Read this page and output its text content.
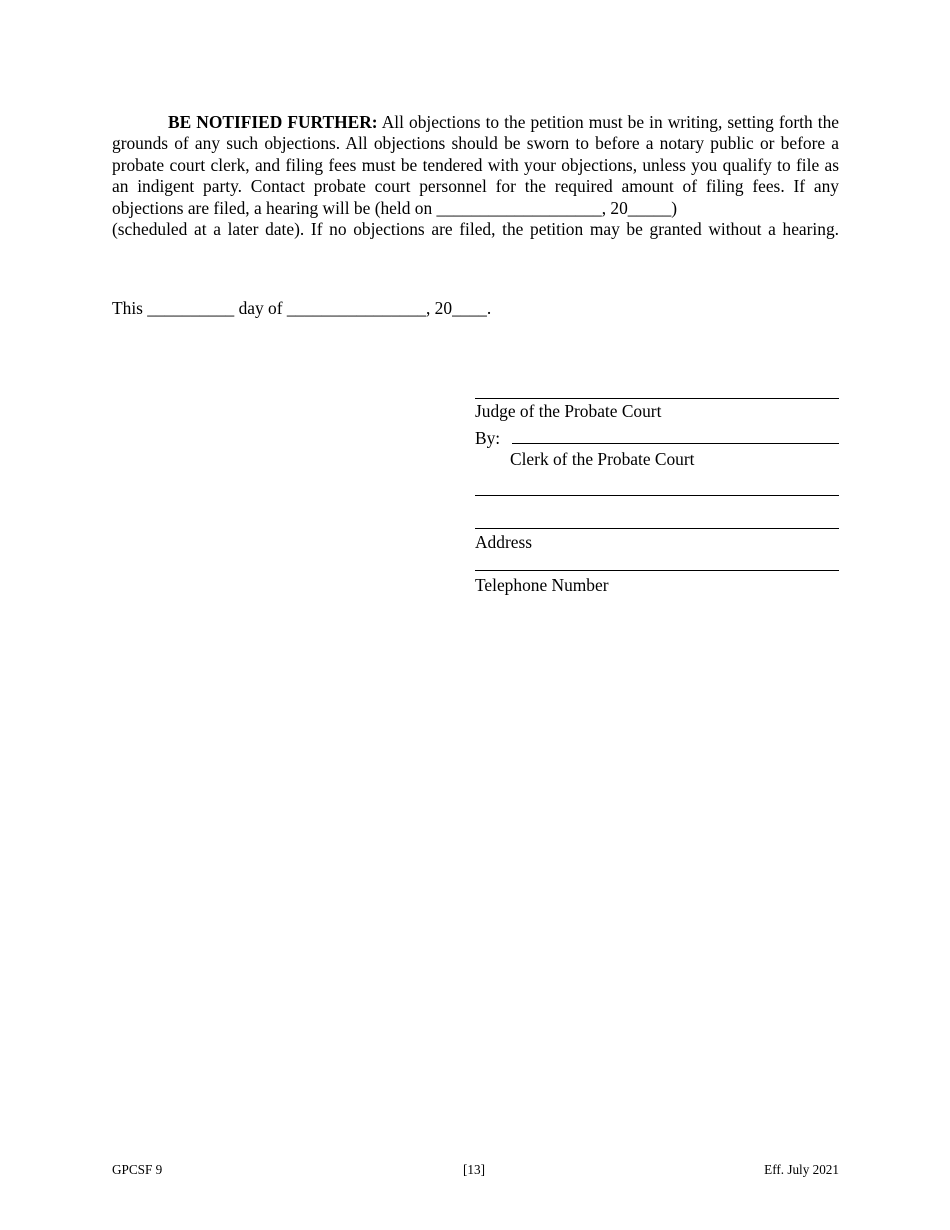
BE NOTIFIED FURTHER: All objections to the petition must be in writing, setting forth the grounds of any such objections. All objections should be sworn to before a notary public or before a probate court clerk, and filing fees must be tendered with your objections, unless you qualify to file as an indigent party. Contact probate court personnel for the required amount of filing fees. If any objections are filed, a hearing will be (held on ___________________, 20_____)
(scheduled at a later date). If no objections are filed, the petition may be granted without a hearing.

This __________ day of ________________, 20____.

Judge of the Probate Court
By:
Clerk of the Probate Court
Address
Telephone Number
GPCSF 9	[13]	Eff. July 2021
